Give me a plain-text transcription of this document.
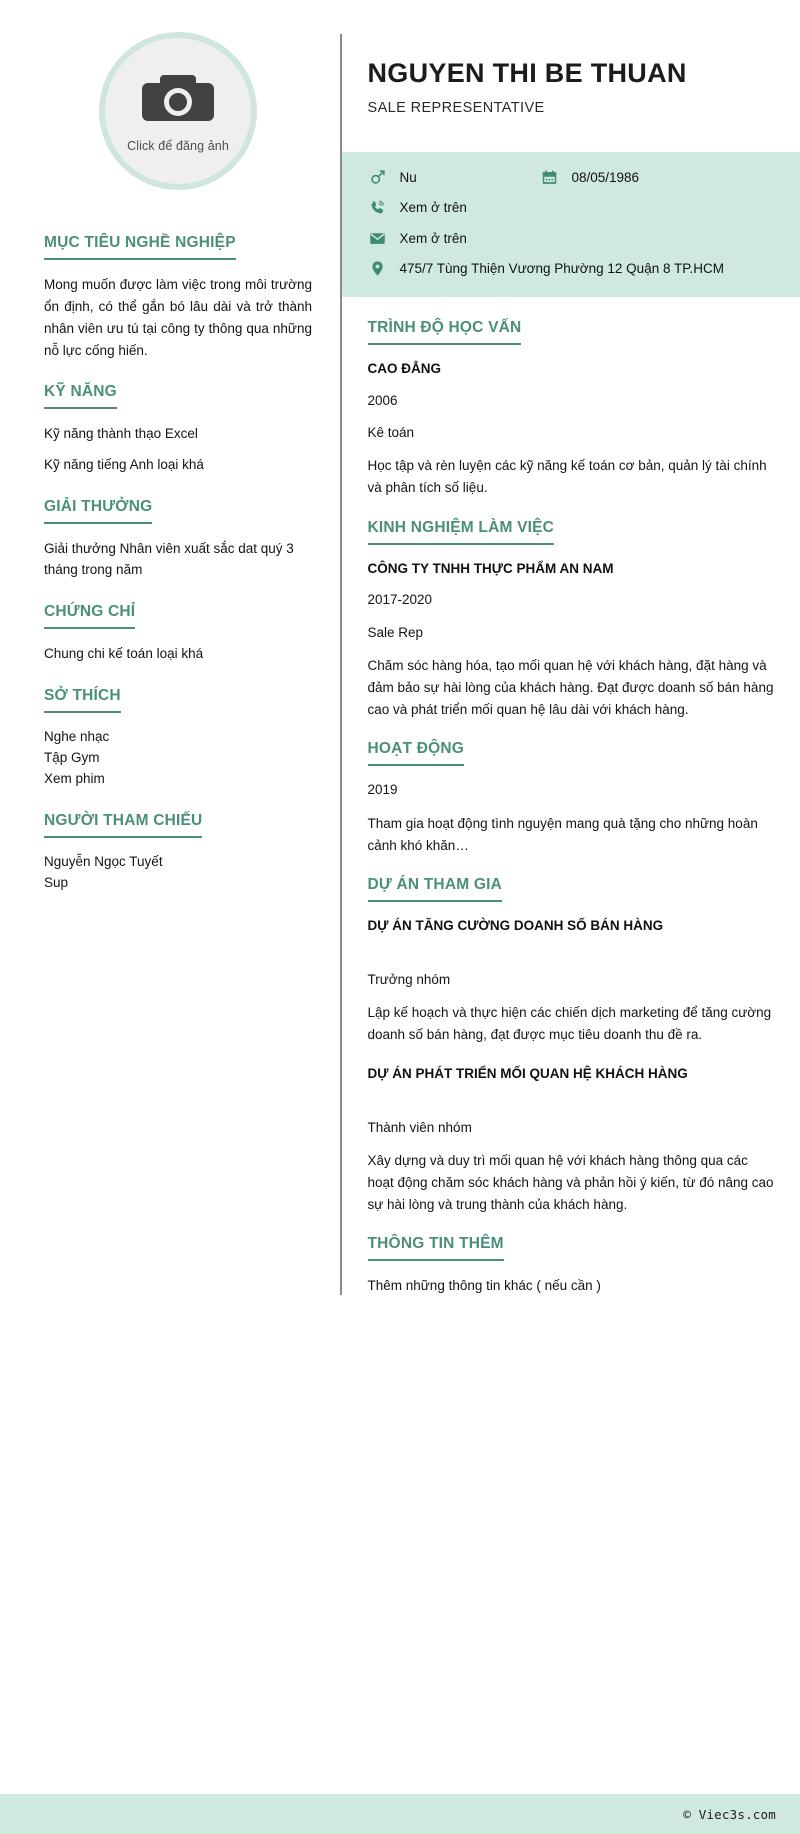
Click để đăng ảnh
MỤC TIÊU NGHỀ NGHIỆP
Mong muốn được làm việc trong môi trường ổn định, có thể gắn bó lâu dài và trở thành nhân viên ưu tú tại công ty thông qua những nỗ lực cống hiến.
KỸ NĂNG
Kỹ năng thành thạo Excel
Kỹ năng tiếng Anh loại khá
GIẢI THƯỞNG
Giải thưởng Nhân viên xuất sắc dat quý 3 tháng trong năm
CHỨNG CHỈ
Chung chi kế toán loại khá
SỞ THÍCH
Nghe nhạc
Tập Gym
Xem phim
NGƯỜI THAM CHIẾU
Nguyễn Ngọc Tuyết
Sup
NGUYEN THI BE THUAN
SALE REPRESENTATIVE
Nu	08/05/1986
Xem ở trên
Xem ở trên
475/7 Tùng Thiện Vương Phường 12 Quận 8 TP.HCM
TRÌNH ĐỘ HỌC VẤN
CAO ĐẲNG
2006
Kê toán
Học tập và rèn luyện các kỹ năng kế toán cơ bản, quản lý tài chính và phân tích số liệu.
KINH NGHIỆM LÀM VIỆC
CÔNG TY TNHH THỰC PHẨM AN NAM
2017-2020
Sale Rep
Chăm sóc hàng hóa, tạo mối quan hệ với khách hàng, đặt hàng và đảm bảo sự hài lòng của khách hàng. Đạt được doanh số bán hàng cao và phát triển mối quan hệ lâu dài với khách hàng.
HOẠT ĐỘNG
2019
Tham gia hoạt động tình nguyện mang quà tặng cho những hoàn cảnh khó khăn…
DỰ ÁN THAM GIA
DỰ ÁN TĂNG CƯỜNG DOANH SỐ BÁN HÀNG
Trưởng nhóm
Lập kế hoạch và thực hiện các chiến dịch marketing để tăng cường doanh số bán hàng, đạt được mục tiêu doanh thu đề ra.
DỰ ÁN PHÁT TRIỂN MỐI QUAN HỆ KHÁCH HÀNG
Thành viên nhóm
Xây dựng và duy trì mối quan hệ với khách hàng thông qua các hoạt động chăm sóc khách hàng và phản hồi ý kiến, từ đó nâng cao sự hài lòng và trung thành của khách hàng.
THÔNG TIN THÊM
Thêm những thông tin khác ( nếu cần )
© Viec3s.com
